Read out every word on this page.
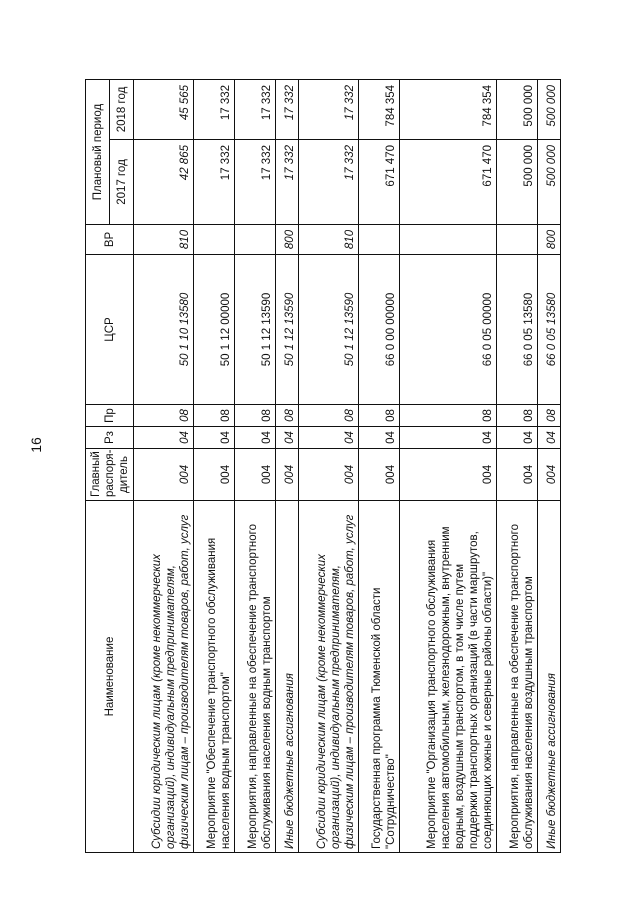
16
Наименование	Главный распоря-дитель	Рз	Пр	ЦСР	ВР	Плановый период	
						2017 год	2018 год
Субсидии юридическим лицам (кроме некоммерческих организаций), индивидуальным предпринимателям, физическим лицам – производителям товаров, работ, услуг	004	04	08	50 1 10 13580	810	42 865	45 565
Мероприятие "Обеспечение транспортного обслуживания населения водным транспортом"	004	04	08	50 1 12 00000		17 332	17 332
Мероприятия, направленные на обеспечение транспортного обслуживания населения водным транспортом	004	04	08	50 1 12 13590		17 332	17 332
Иные бюджетные ассигнования	004	04	08	50 1 12 13590	800	17 332	17 332
Субсидии юридическим лицам (кроме некоммерческих организаций), индивидуальным предпринимателям, физическим лицам – производителям товаров, работ, услуг	004	04	08	50 1 12 13590	810	17 332	17 332
Государственная программа Тюменской области "Сотрудничество"	004	04	08	66 0 00 00000		671 470	784 354
Мероприятие "Организация транспортного обслуживания населения автомобильным, железнодорожным, внутренним водным, воздушным транспортом, в том числе путем поддержки транспортных организаций (в части маршрутов, соединяющих южные и северные районы области)"	004	04	08	66 0 05 00000		671 470	784 354
Мероприятия, направленные на обеспечение транспортного обслуживания населения воздушным транспортом	004	04	08	66 0 05 13580		500 000	500 000
Иные бюджетные ассигнования	004	04	08	66 0 05 13580	800	500 000	500 000
